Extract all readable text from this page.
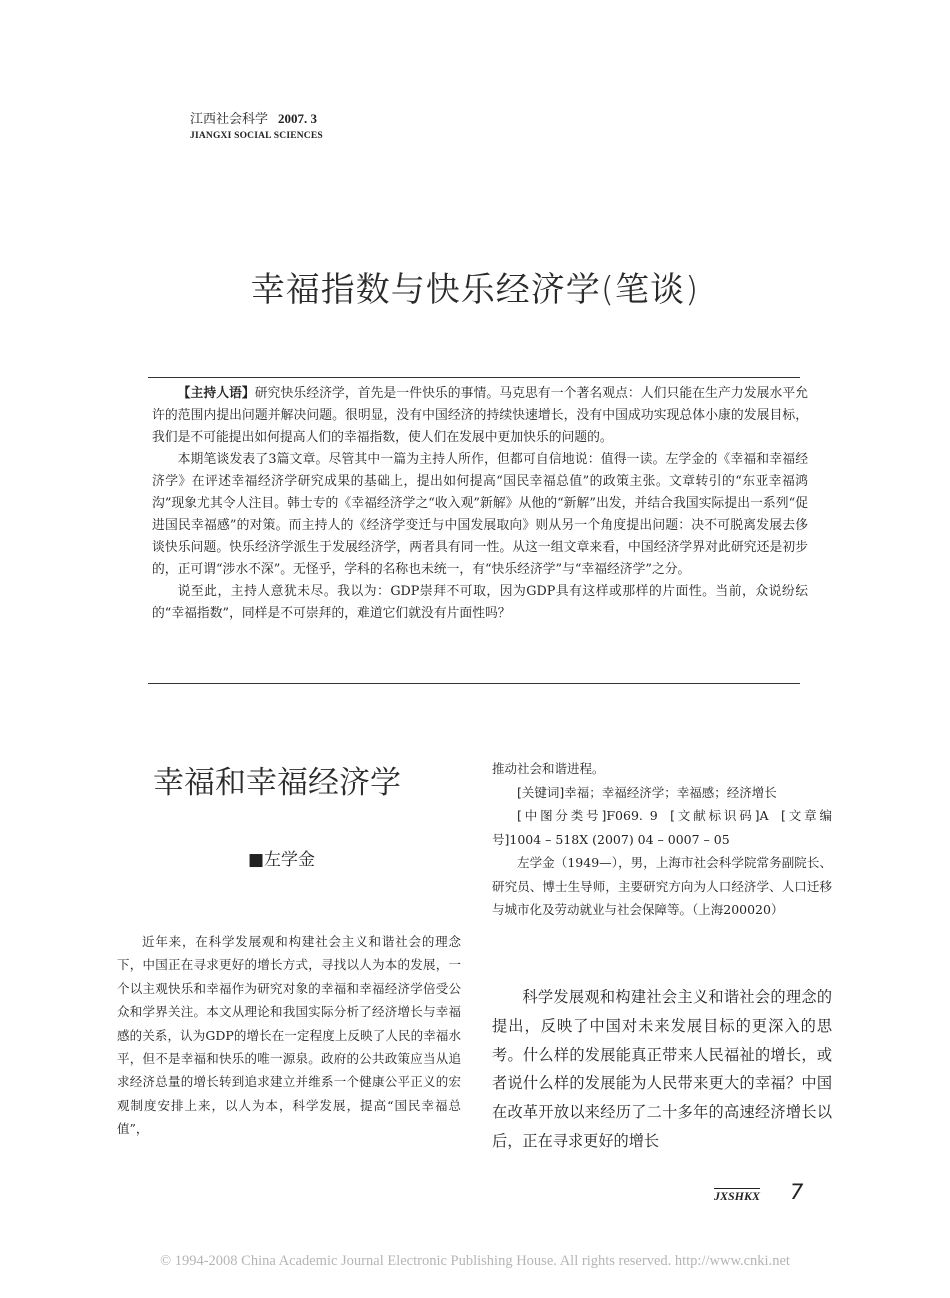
江西社会科学 2007. 3
JIANGXI SOCIAL SCIENCES
幸福指数与快乐经济学(笔谈)

【主持人语】研究快乐经济学，首先是一件快乐的事情。马克思有一个著名观点：人们只能在生产力发展水平允许的范围内提出问题并解决问题。很明显，没有中国经济的持续快速增长，没有中国成功实现总体小康的发展目标，我们是不可能提出如何提高人们的幸福指数，使人们在发展中更加快乐的问题的。

本期笔谈发表了3篇文章。尽管其中一篇为主持人所作，但都可自信地说：值得一读。左学金的《幸福和幸福经济学》在评述幸福经济学研究成果的基础上，提出如何提高“国民幸福总值”的政策主张。文章转引的“东亚幸福鸿沟”现象尤其令人注目。韩士专的《幸福经济学之“收入观”新解》从他的“新解”出发，并结合我国实际提出一系列“促进国民幸福感”的对策。而主持人的《经济学变迁与中国发展取向》则从另一个角度提出问题：决不可脱离发展去侈谈快乐问题。快乐经济学派生于发展经济学，两者具有同一性。从这一组文章来看，中国经济学界对此研究还是初步的，正可谓“涉水不深”。无怪乎，学科的名称也未统一，有“快乐经济学”与“幸福经济学”之分。

说至此，主持人意犹未尽。我以为：GDP崇拜不可取，因为GDP具有这样或那样的片面性。当前，众说纷纭的“幸福指数”，同样是不可崇拜的，难道它们就没有片面性吗？

幸福和幸福经济学
■左学金

近年来，在科学发展观和构建社会主义和谐社会的理念下，中国正在寻求更好的增长方式，寻找以人为本的发展，一个以主观快乐和幸福作为研究对象的幸福和幸福经济学倍受公众和学界关注。本文从理论和我国实际分析了经济增长与幸福感的关系，认为GDP的增长在一定程度上反映了人民的幸福水平，但不是幸福和快乐的唯一源泉。政府的公共政策应当从追求经济总量的增长转到追求建立并维系一个健康公平正义的宏观制度安排上来，以人为本，科学发展，提高“国民幸福总值”，

推动社会和谐进程。

[关键词]幸福；幸福经济学；幸福感；经济增长

[中图分类号]F069. 9  [文献标识码]A  [文章编号]1004 – 518X (2007) 04 – 0007 – 05

左学金（1949—），男，上海市社会科学院常务副院长、研究员、博士生导师，主要研究方向为人口经济学、人口迁移与城市化及劳动就业与社会保障等。（上海200020）

科学发展观和构建社会主义和谐社会的理念的提出，反映了中国对未来发展目标的更深入的思考。什么样的发展能真正带来人民福祉的增长，或者说什么样的发展能为人民带来更大的幸福？中国在改革开放以来经历了二十多年的高速经济增长以后，正在寻求更好的增长

JXSHKX 7
© 1994-2008 China Academic Journal Electronic Publishing House. All rights reserved. http://www.cnki.net
